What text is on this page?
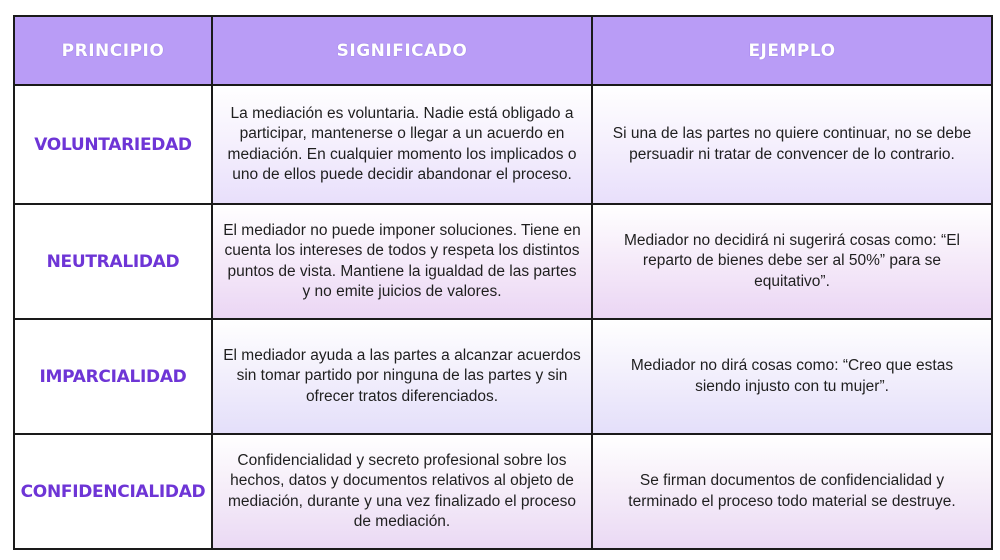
PRINCIPIO	SIGNIFICADO	EJEMPLO
VOLUNTARIEDAD
La mediación es voluntaria. Nadie está obligado a participar, mantenerse o llegar a un acuerdo en mediación. En cualquier momento los implicados o uno de ellos puede decidir abandonar el proceso.
Si una de las partes no quiere continuar, no se debe persuadir ni tratar de convencer de lo contrario.
NEUTRALIDAD
El mediador no puede imponer soluciones. Tiene en cuenta los intereses de todos y respeta los distintos puntos de vista. Mantiene la igualdad de las partes y no emite juicios de valores.
Mediador no decidirá ni sugerirá cosas como: “El reparto de bienes debe ser al 50%” para se equitativo”.
IMPARCIALIDAD
El mediador ayuda a las partes a alcanzar acuerdos sin tomar partido por ninguna de las partes y sin ofrecer tratos diferenciados.
Mediador no dirá cosas como: “Creo que estas siendo injusto con tu mujer”.
CONFIDENCIALIDAD
Confidencialidad y secreto profesional sobre los hechos, datos y documentos relativos al objeto de mediación, durante y una vez finalizado el proceso de mediación.
Se firman documentos de confidencialidad y terminado el proceso todo material se destruye.
